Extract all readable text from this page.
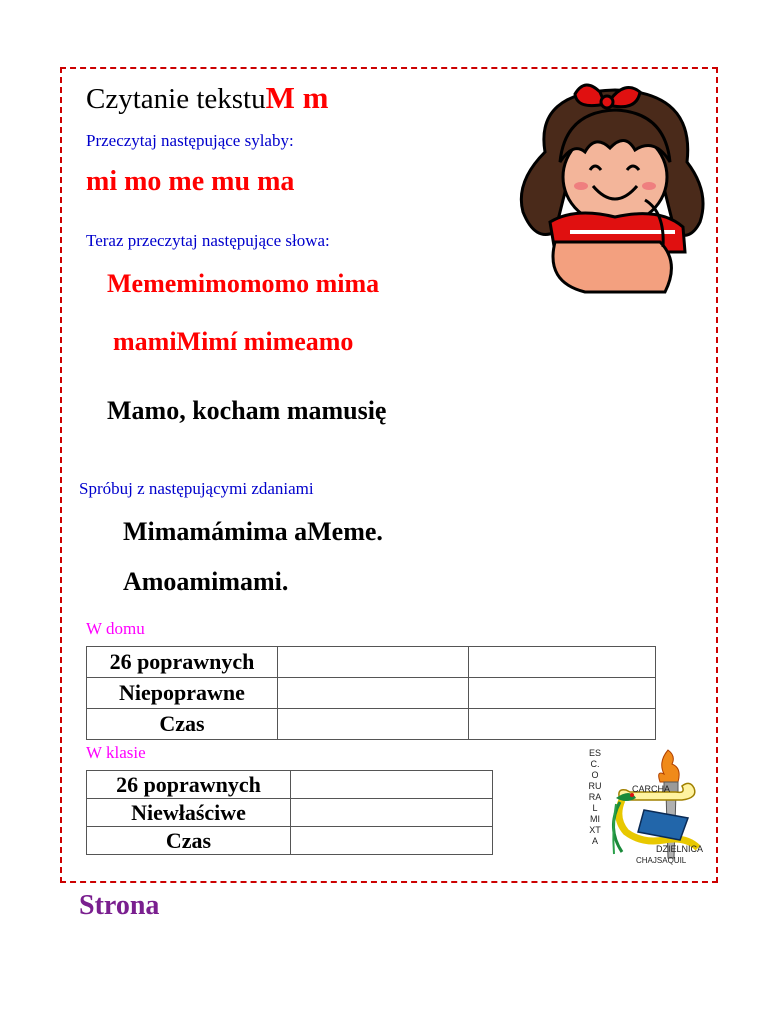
Czytanie tekstuM m
Przeczytaj następujące sylaby:
mi mo me mu ma
Teraz przeczytaj następujące słowa:
Mememimomomo mima
mamiMimí mimeamo
Mamo, kocham mamusię
Spróbuj z następującymi zdaniami
Mimamámima aMeme.
Amoamimami.
W domu
26 poprawnych		
Niepoprawne		
Czas		
W klasie
26 poprawnych	
Niewłaściwe	
Czas	
ESC. O RURAL MIXTA
CARCHA
DZIELNICA
CHAJSAQUIL
Strona
